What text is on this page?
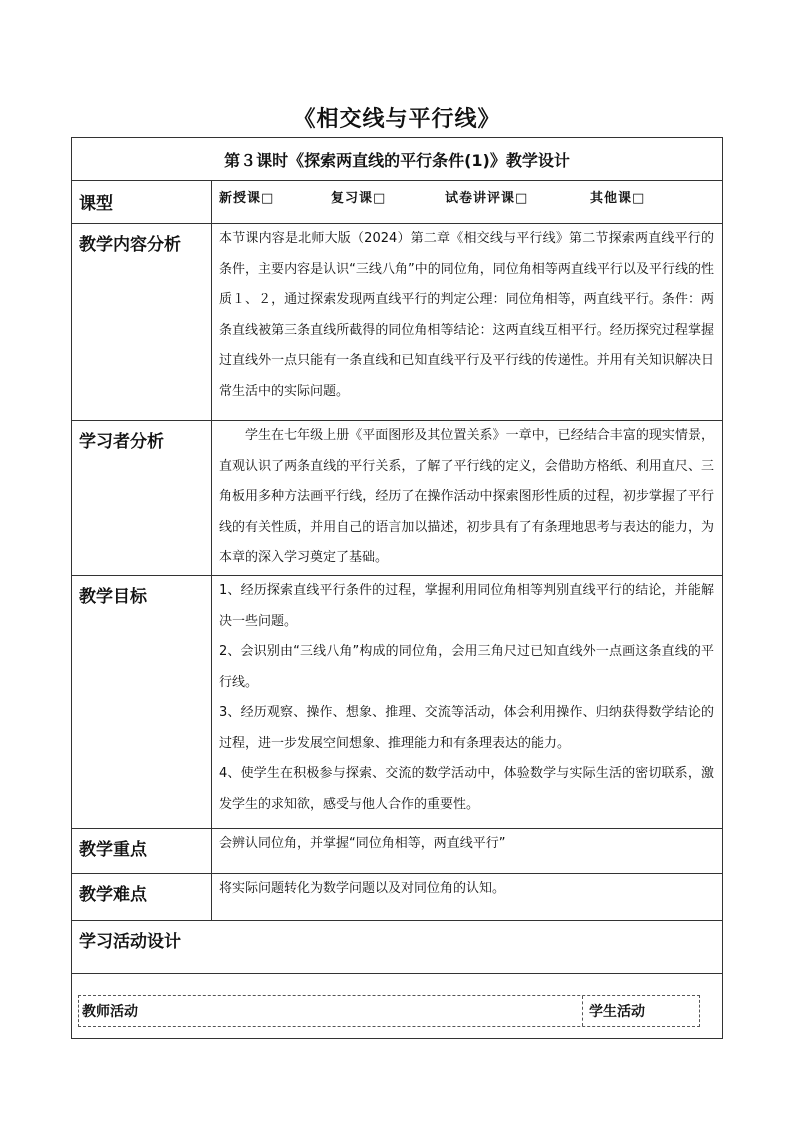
《相交线与平行线》
第３课时《探索两直线的平行条件(1)》教学设计	
课型	新授课□ 复习课□ 试卷讲评课□ 其他课□

教学内容分析	本节课内容是北师大版（2024）第二章《相交线与平行线》第二节探索两直线平行的条件，主要内容是认识“三线八角”中的同位角，同位角相等两直线平行以及平行线的性质１、２，通过探索发现两直线平行的判定公理：同位角相等，两直线平行。条件：两条直线被第三条直线所截得的同位角相等结论：这两直线互相平行。经历探究过程掌握过直线外一点只能有一条直线和已知直线平行及平行线的传递性。并用有关知识解决日常生活中的实际问题。
学习者分析	学生在七年级上册《平面图形及其位置关系》一章中，已经结合丰富的现实情景，直观认识了两条直线的平行关系，了解了平行线的定义，会借助方格纸、利用直尺、三角板用多种方法画平行线，经历了在操作活动中探索图形性质的过程，初步掌握了平行线的有关性质，并用自己的语言加以描述，初步具有了有条理地思考与表达的能力，为本章的深入学习奠定了基础。
教学目标	1、经历探索直线平行条件的过程，掌握利用同位角相等判别直线平行的结论，并能解决一些问题。

2、会识别由“三线八角”构成的同位角，会用三角尺过已知直线外一点画这条直线的平行线。

3、经历观察、操作、想象、推理、交流等活动，体会利用操作、归纳获得数学结论的过程，进一步发展空间想象、推理能力和有条理表达的能力。

4、使学生在积极参与探索、交流的数学活动中，体验数学与实际生活的密切联系，激发学生的求知欲，感受与他人合作的重要性。

教学重点	会辨认同位角，并掌握“同位角相等，两直线平行”
教学难点	将实际问题转化为数学问题以及对同位角的认知。
学习活动设计	

教师活动 学生活动	
